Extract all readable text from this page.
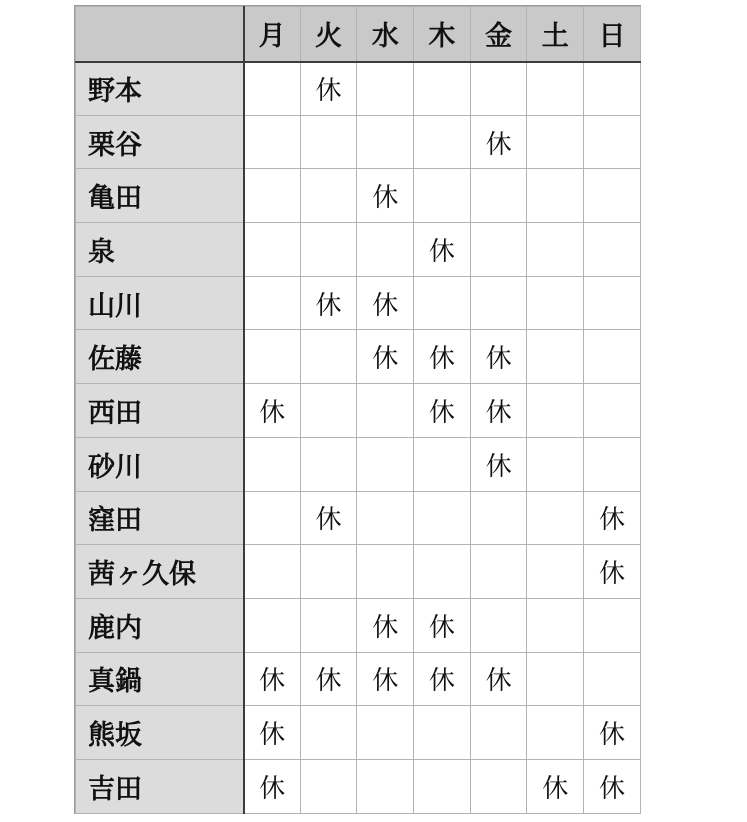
	月	火	水	木	金	土	日
野本		休					
栗谷					休		
亀田			休				
泉				休			
山川		休	休				
佐藤			休	休	休		
西田	休			休	休		
砂川					休		
窪田		休					休
茜ヶ久保							休
鹿内			休	休			
真鍋	休	休	休	休	休		
熊坂	休						休
吉田	休					休	休
